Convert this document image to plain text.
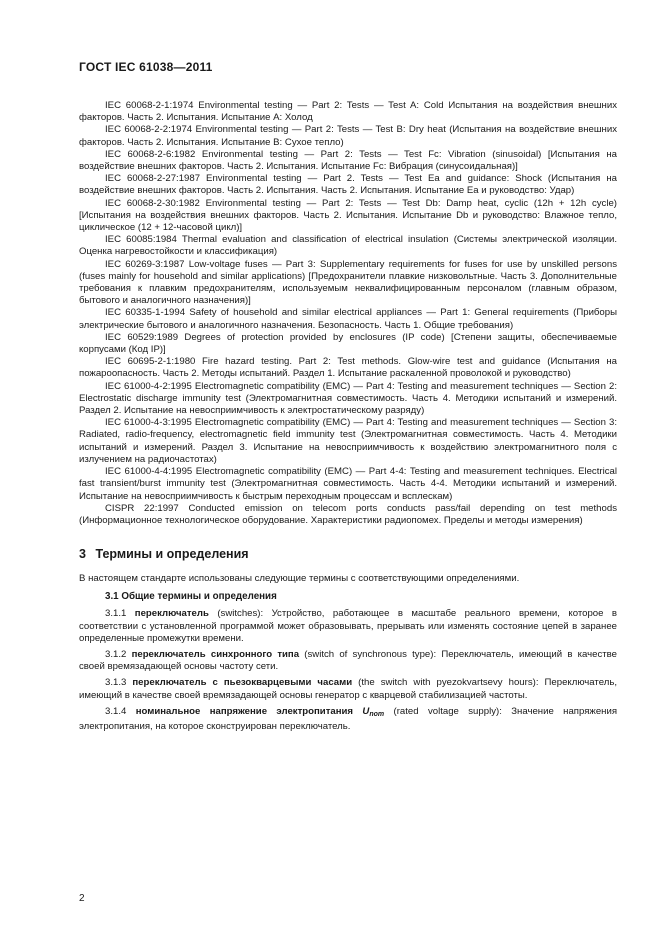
ГОСТ IEC 61038—2011

IEC 60068-2-1:1974 Environmental testing — Part 2: Tests — Test A: Cold Испытания на воздействия внешних факторов. Часть 2. Испытания. Испытание А: Холод

IEC 60068-2-2:1974 Environmental testing — Part 2: Tests — Test B: Dry heat (Испытания на воздействие внешних факторов. Часть 2. Испытания. Испытание В: Сухое тепло)

IEC 60068-2-6:1982 Environmental testing — Part 2: Tests — Test Fc: Vibration (sinusoidal) [Испытания на воздействие внешних факторов. Часть 2. Испытания. Испытание Fc: Вибрация (синусоидальная)]

IEC 60068-2-27:1987 Environmental testing — Part 2. Tests — Test Ea and guidance: Shock (Испытания на воздействие внешних факторов. Часть 2. Испытания. Часть 2. Испытания. Испытание Еа и руководство: Удар)

IEC 60068-2-30:1982 Environmental testing — Part 2: Tests — Test Db: Damp heat, cyclic (12h + 12h cycle) [Испытания на воздействия внешних факторов. Часть 2. Испытания. Испытание Db и руководство: Влажное тепло, циклическое (12 + 12-часовой цикл)]

IEC 60085:1984 Thermal evaluation and classification of electrical insulation (Системы электрической изоляции. Оценка нагревостойкости и классификация)

IEC 60269-3:1987 Low-voltage fuses — Part 3: Supplementary requirements for fuses for use by unskilled persons (fuses mainly for household and similar applications) [Предохранители плавкие низковольтные. Часть 3. Дополнительные требования к плавким предохранителям, используемым неквалифицированным персоналом (главным образом, бытового и аналогичного назначения)]

IEC 60335-1-1994 Safety of household and similar electrical appliances — Part 1: General requirements (Приборы электрические бытового и аналогичного назначения. Безопасность. Часть 1. Общие требования)

IEC 60529:1989 Degrees of protection provided by enclosures (IP code) [Степени защиты, обеспечиваемые корпусами (Код IP)]

IEC 60695-2-1:1980 Fire hazard testing. Part 2: Test methods. Glow-wire test and guidance (Испытания на пожароопасность. Часть 2. Методы испытаний. Раздел 1. Испытание раскаленной проволокой и руководство)

IEC 61000-4-2:1995 Electromagnetic compatibility (EMC) — Part 4: Testing and measurement techniques — Section 2: Electrostatic discharge immunity test (Электромагнитная совместимость. Часть 4. Методики испытаний и измерений. Раздел 2. Испытание на невосприимчивость к электростатическому разряду)

IEC 61000-4-3:1995 Electromagnetic compatibility (EMC) — Part 4: Testing and measurement techniques — Section 3: Radiated, radio-frequency, electromagnetic field immunity test (Электромагнитная совместимость. Часть 4. Методики испытаний и измерений. Раздел 3. Испытание на невосприимчивость к воздействию электромагнитного поля с излучением на радиочастотах)

IEC 61000-4-4:1995 Electromagnetic compatibility (EMC) — Part 4-4: Testing and measurement techniques. Electrical fast transient/burst immunity test (Электромагнитная совместимость. Часть 4-4. Методики испытаний и измерений. Испытание на невосприимчивость к быстрым переходным процессам и всплескам)

CISPR 22:1997 Conducted emission on telecom ports conducts pass/fail depending on test methods (Информационное технологическое оборудование. Характеристики радиопомех. Пределы и методы измерения)

3 Термины и определения

В настоящем стандарте использованы следующие термины с соответствующими определениями.

3.1 Общие термины и определения

3.1.1 переключатель (switches): Устройство, работающее в масштабе реального времени, которое в соответствии с установленной программой может образовывать, прерывать или изменять состояние цепей в заранее определенные промежутки времени.

3.1.2 переключатель синхронного типа (switch of synchronous type): Переключатель, имеющий в качестве своей времязадающей основы частоту сети.

3.1.3 переключатель с пьезокварцевыми часами (the switch with pyezokvartsevy hours): Переключатель, имеющий в качестве своей времязадающей основы генератор с кварцевой стабилизацией частоты.

3.1.4 номинальное напряжение электропитания $U_{nom}$ (rated voltage supply): Значение напряжения электропитания, на которое сконструирован переключатель.

2
